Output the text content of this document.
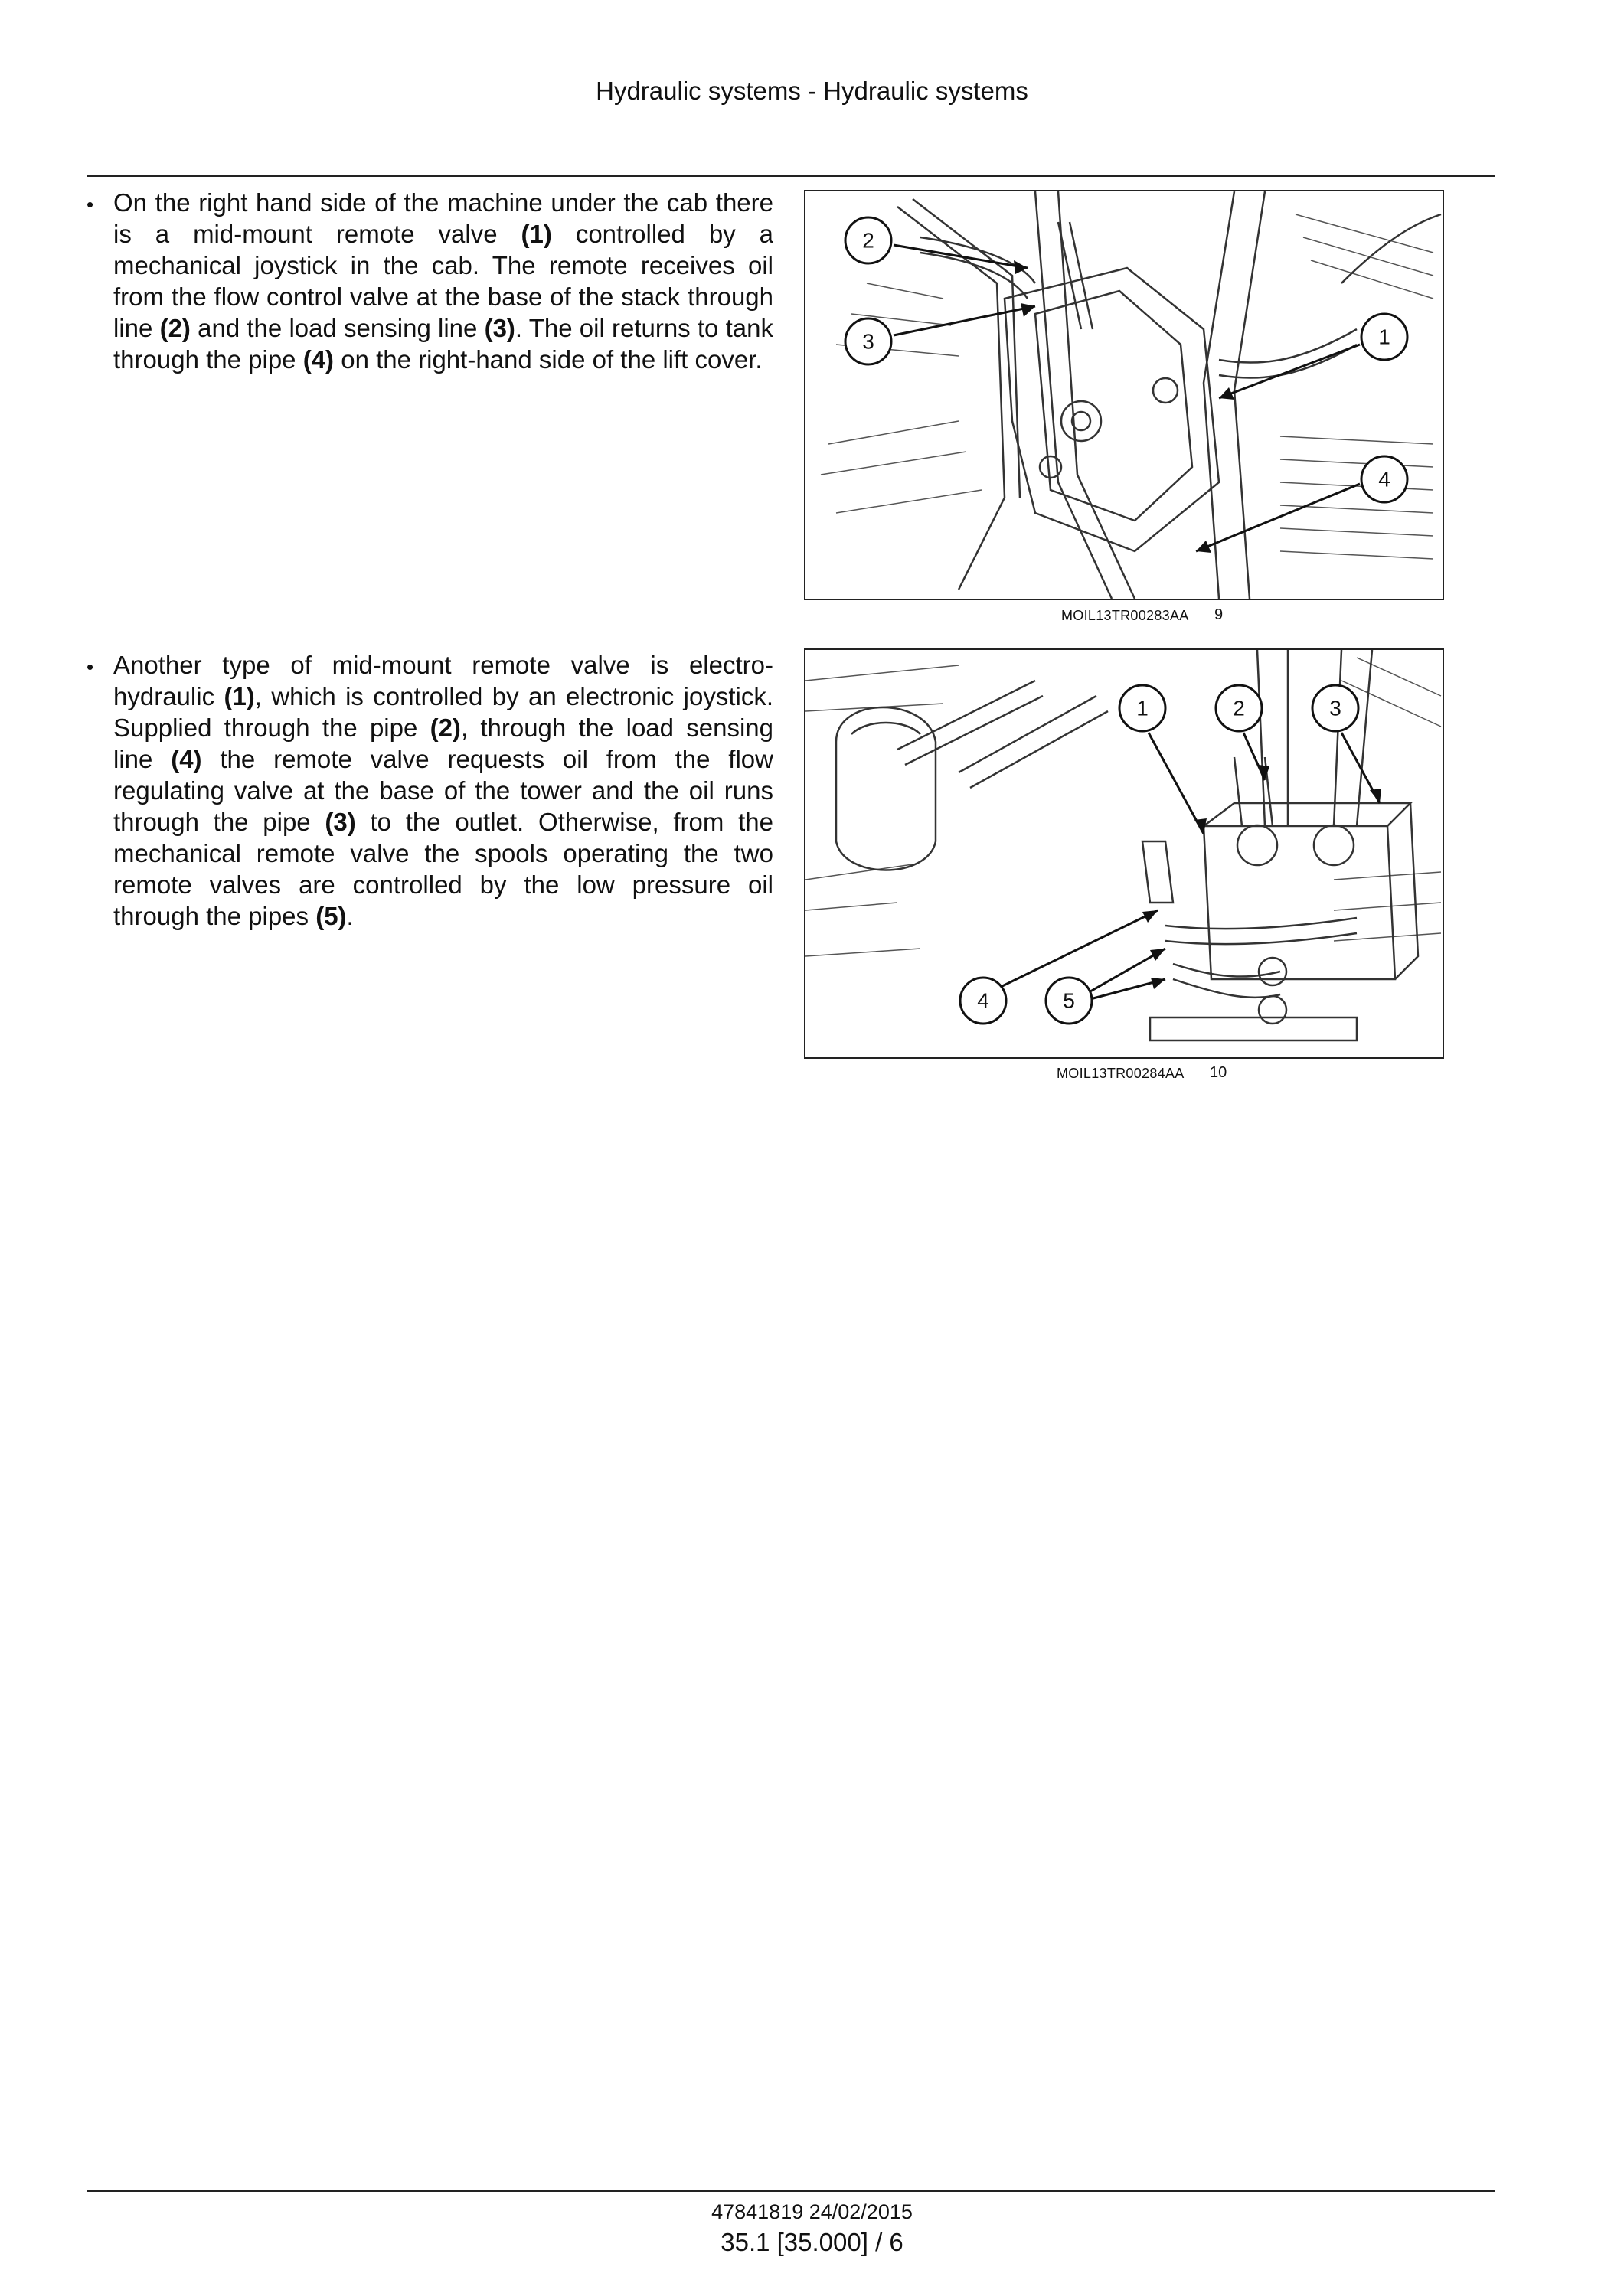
Hydraulic systems - Hydraulic systems
• On the right hand side of the machine under the cab there is a mid-mount remote valve (1) controlled by a mechanical joystick in the cab. The remote receives oil from the flow control valve at the base of the stack through line (2) and the load sensing line (3). The oil returns to tank through the pipe (4) on the right-hand side of the lift cover.
2
3	1
4
MOIL13TR00283AA 9
• Another type of mid-mount remote valve is electro-hydraulic (1), which is controlled by an electronic joystick. Supplied through the pipe (2), through the load sensing line (4) the remote valve requests oil from the flow regulating valve at the base of the tower and the oil runs through the pipe (3) to the outlet. Otherwise, from the mechanical remote valve the spools operating the two remote valves are controlled by the low pressure oil through the pipes (5).
1	2	3
4	5
MOIL13TR00284AA 10
47841819 24/02/2015
35.1 [35.000] / 6
